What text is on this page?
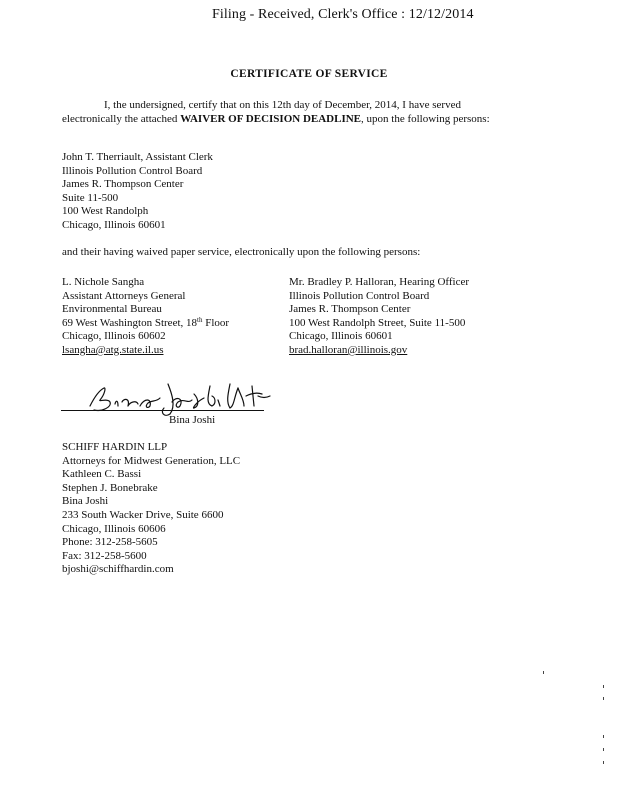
Filing - Received, Clerk's Office : 12/12/2014
CERTIFICATE OF SERVICE
I, the undersigned, certify that on this 12th day of December, 2014, I have served electronically the attached WAIVER OF DECISION DEADLINE, upon the following persons:
John T. Therriault, Assistant Clerk
Illinois Pollution Control Board
James R. Thompson Center
Suite 11-500
100 West Randolph
Chicago, Illinois 60601
and their having waived paper service, electronically upon the following persons:
L. Nichole Sangha
Assistant Attorneys General
Environmental Bureau
69 West Washington Street, 18th Floor
Chicago, Illinois 60602
lsangha@atg.state.il.us
Mr. Bradley P. Halloran, Hearing Officer
Illinois Pollution Control Board
James R. Thompson Center
100 West Randolph Street, Suite 11-500
Chicago, Illinois 60601
brad.halloran@illinois.gov
Bina Joshi
SCHIFF HARDIN LLP
Attorneys for Midwest Generation, LLC
Kathleen C. Bassi
Stephen J. Bonebrake
Bina Joshi
233 South Wacker Drive, Suite 6600
Chicago, Illinois 60606
Phone: 312-258-5605
Fax: 312-258-5600
bjoshi@schiffhardin.com
